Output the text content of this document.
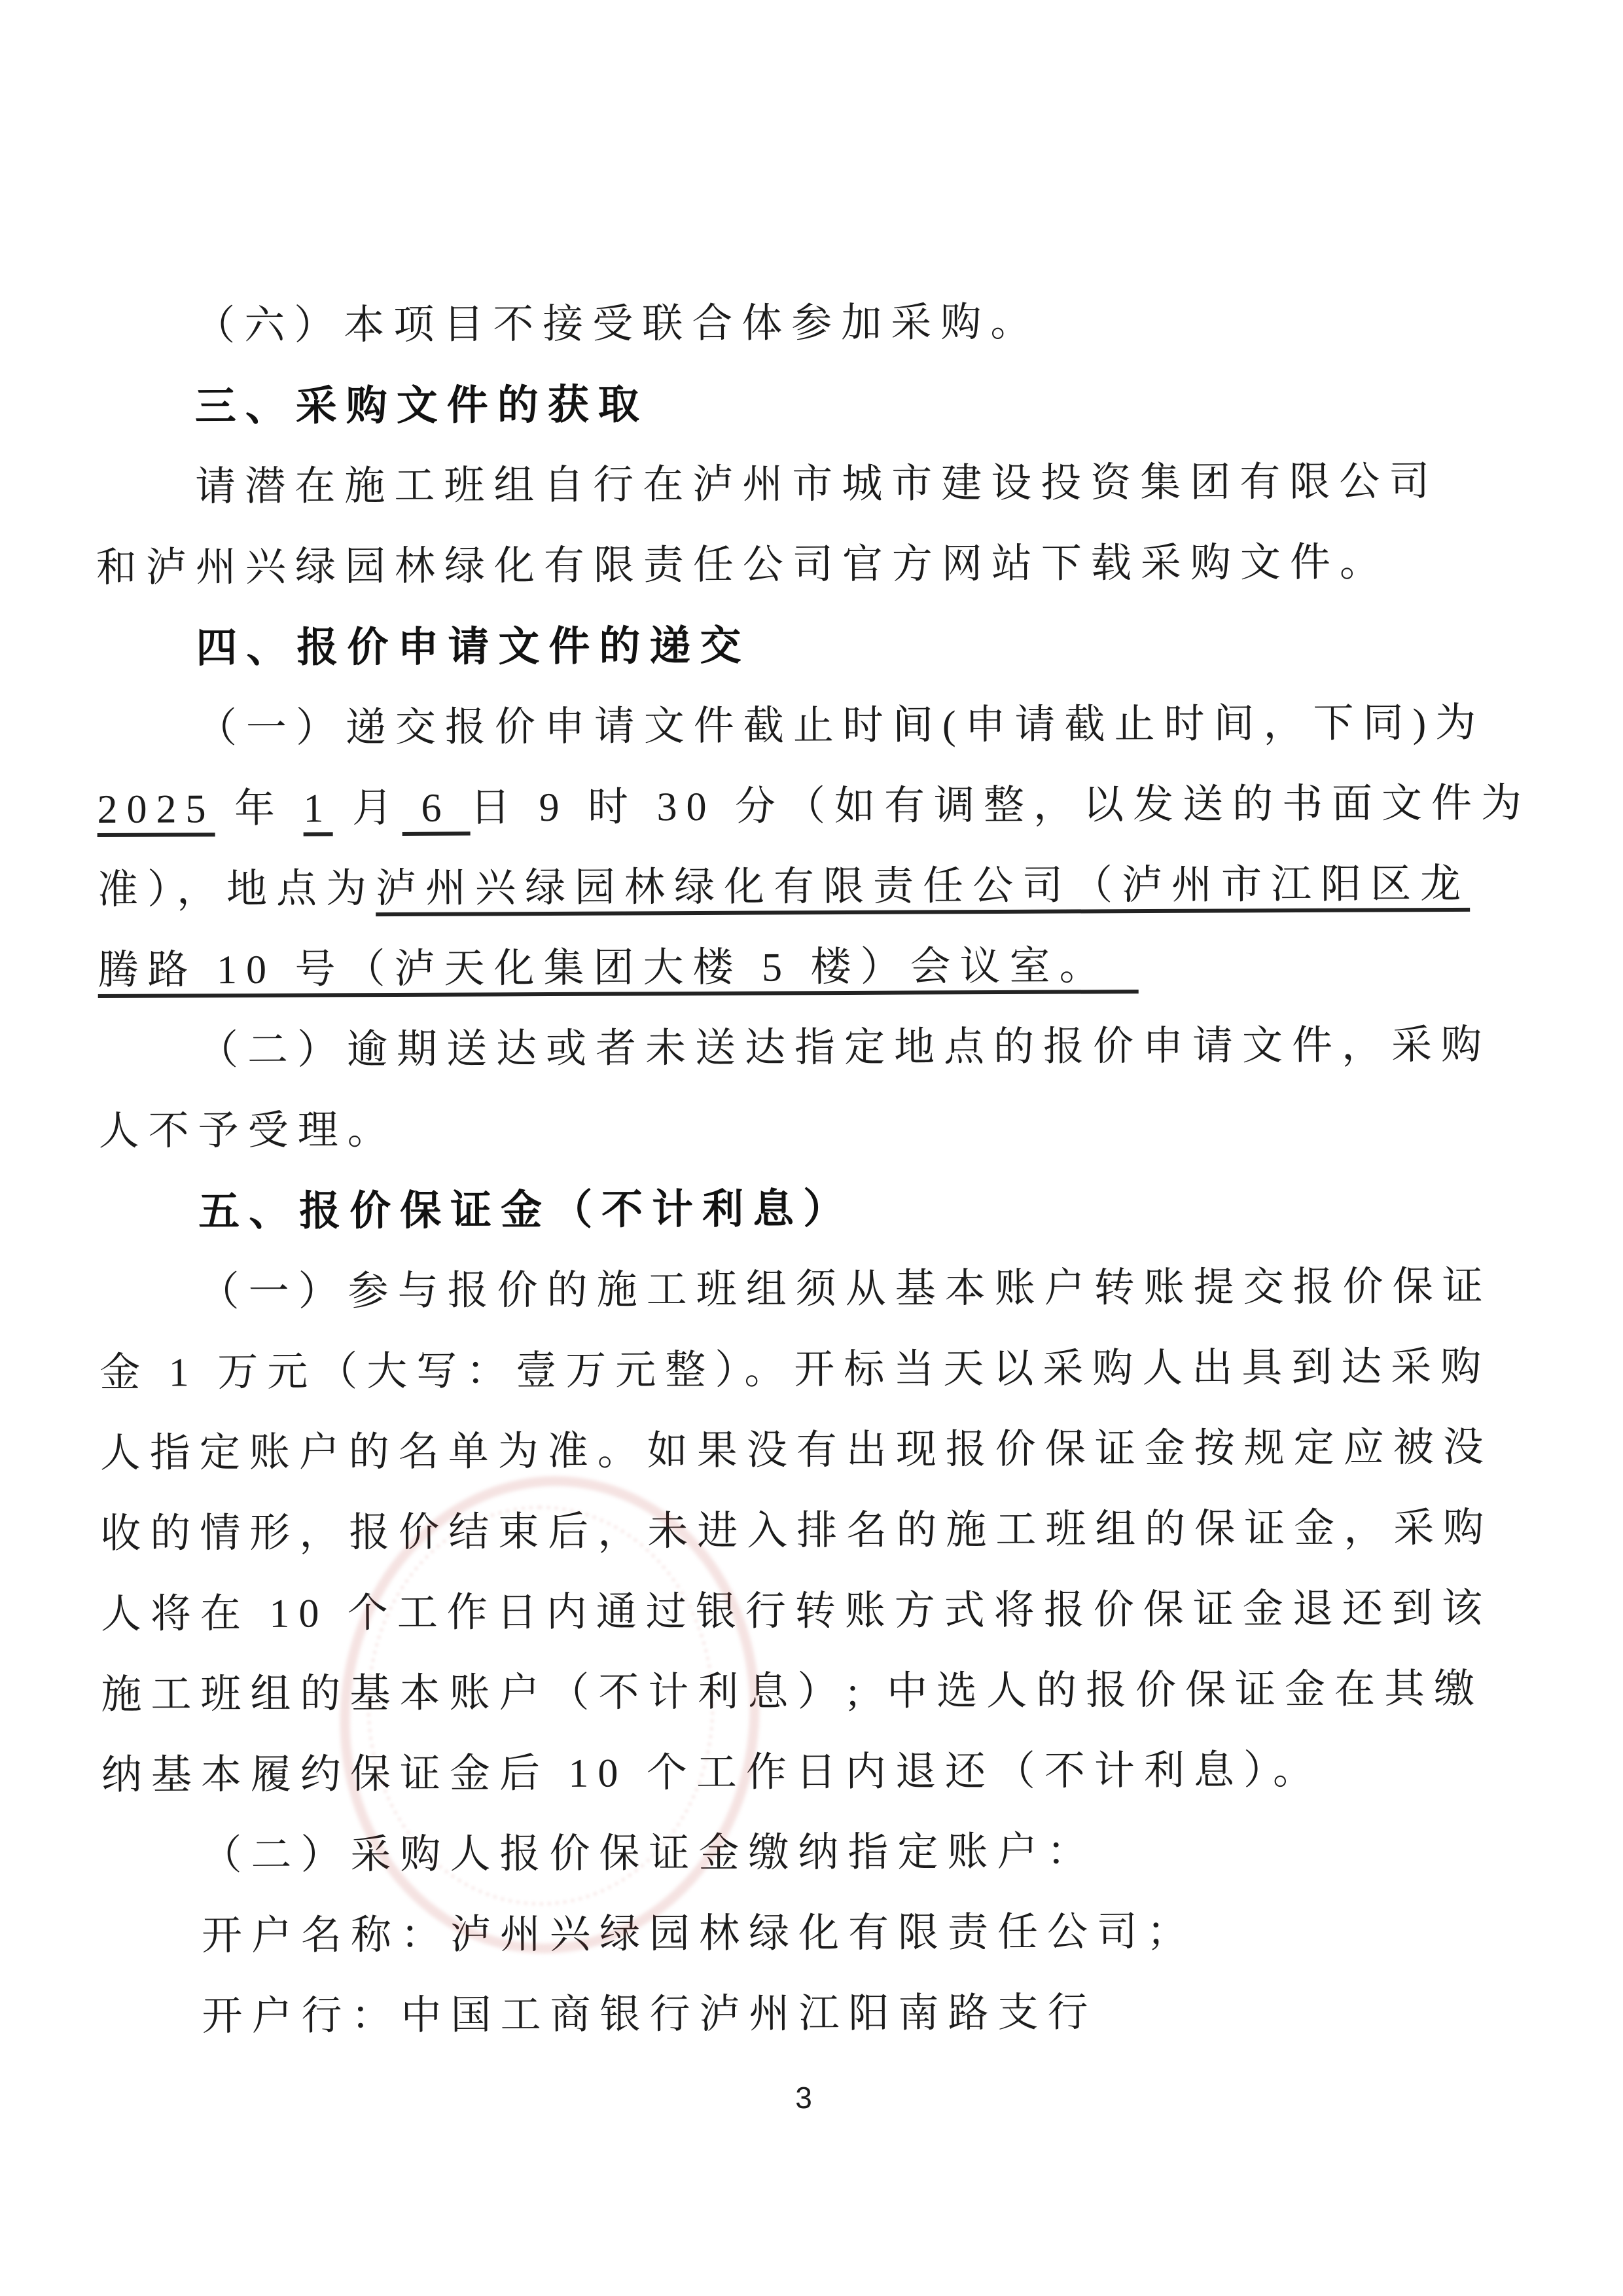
（六）本项目不接受联合体参加采购。
三、采购文件的获取
请潜在施工班组自行在泸州市城市建设投资集团有限公司
和泸州兴绿园林绿化有限责任公司官方网站下载采购文件。
四、报价申请文件的递交
（一）递交报价申请文件截止时间(申请截止时间，下同)为
2025 年 1 月 6 日 9 时 30 分（如有调整，以发送的书面文件为
准），地点为泸州兴绿园林绿化有限责任公司（泸州市江阳区龙
腾路 10 号（泸天化集团大楼 5 楼）会议室。　
（二）逾期送达或者未送达指定地点的报价申请文件，采购
人不予受理。
五、报价保证金（不计利息）
（一）参与报价的施工班组须从基本账户转账提交报价保证
金 1 万元（大写：壹万元整）。开标当天以采购人出具到达采购
人指定账户的名单为准。如果没有出现报价保证金按规定应被没
收的情形，报价结束后，未进入排名的施工班组的保证金，采购
人将在 10 个工作日内通过银行转账方式将报价保证金退还到该
施工班组的基本账户（不计利息）; 中选人的报价保证金在其缴
纳基本履约保证金后 10 个工作日内退还（不计利息）。
（二）采购人报价保证金缴纳指定账户：
开户名称：泸州兴绿园林绿化有限责任公司；
开户行：中国工商银行泸州江阳南路支行
3
